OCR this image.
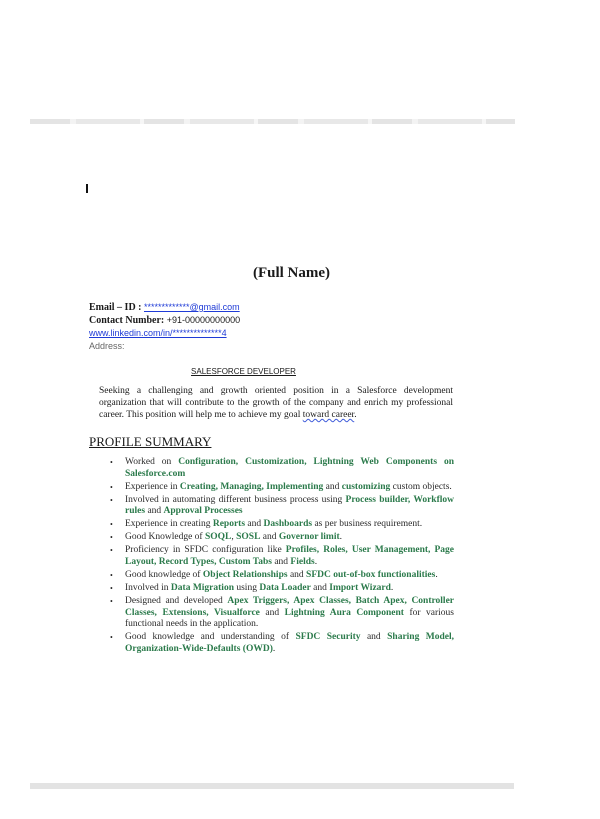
(Full Name)
Email – ID : *************@gmail.com
Contact Number: +91-00000000000
www.linkedin.com/in/**************4
Address:
SALESFORCE DEVELOPER
Seeking a challenging and growth oriented position in a Salesforce development organization that will contribute to the growth of the company and enrich my professional career. This position will help me to achieve my goal toward career.
PROFILE SUMMARY
• Worked on Configuration, Customization, Lightning Web Components on Salesforce.com
• Experience in Creating, Managing, Implementing and customizing custom objects.
• Involved in automating different business process using Process builder, Workflow rules and Approval Processes
• Experience in creating Reports and Dashboards as per business requirement.
• Good Knowledge of SOQL, SOSL and Governor limit.
• Proficiency in SFDC configuration like Profiles, Roles, User Management, Page Layout, Record Types, Custom Tabs and Fields.
• Good knowledge of Object Relationships and SFDC out-of-box functionalities.
• Involved in Data Migration using Data Loader and Import Wizard.
• Designed and developed Apex Triggers, Apex Classes, Batch Apex, Controller Classes, Extensions, Visualforce and Lightning Aura Component for various functional needs in the application.
• Good knowledge and understanding of SFDC Security and Sharing Model, Organization-Wide-Defaults (OWD).
